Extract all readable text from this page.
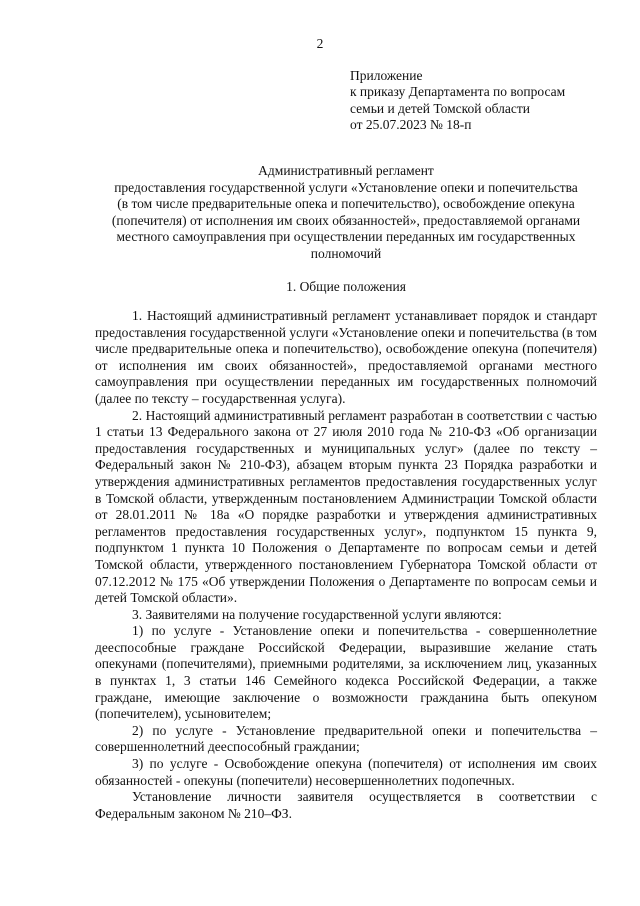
2
Приложение
к приказу Департамента по вопросам
семьи и детей Томской области
от 25.07.2023 № 18-п
Административный регламент
предоставления государственной услуги «Установление опеки и попечительства
(в том числе предварительные опека и попечительство), освобождение опекуна
(попечителя) от исполнения им своих обязанностей», предоставляемой органами
местного самоуправления при осуществлении переданных им государственных
полномочий
1. Общие положения

1. Настоящий административный регламент устанавливает порядок и стандарт предоставления государственной услуги «Установление опеки и попечительства (в том числе предварительные опека и попечительство), освобождение опекуна (попечителя) от исполнения им своих обязанностей», предоставляемой органами местного самоуправления при осуществлении переданных им государственных полномочий (далее по тексту – государственная услуга).

2. Настоящий административный регламент разработан в соответствии с частью 1 статьи 13 Федерального закона от 27 июля 2010 года № 210-ФЗ «Об организации предоставления государственных и муниципальных услуг» (далее по тексту – Федеральный закон № 210-ФЗ), абзацем вторым пункта 23 Порядка разработки и утверждения административных регламентов предоставления государственных услуг в Томской области, утвержденным постановлением Администрации Томской области от 28.01.2011 № 18а «О порядке разработки и утверждения административных регламентов предоставления государственных услуг», подпунктом 15 пункта 9, подпунктом 1 пункта 10 Положения о Департаменте по вопросам семьи и детей Томской области, утвержденного постановлением Губернатора Томской области от 07.12.2012 № 175 «Об утверждении Положения о Департаменте по вопросам семьи и детей Томской области».

3. Заявителями на получение государственной услуги являются:

1) по услуге - Установление опеки и попечительства - совершеннолетние дееспособные граждане Российской Федерации, выразившие желание стать опекунами (попечителями), приемными родителями, за исключением лиц, указанных в пунктах 1, 3 статьи 146 Семейного кодекса Российской Федерации, а также граждане, имеющие заключение о возможности гражданина быть опекуном (попечителем), усыновителем;

2) по услуге - Установление предварительной опеки и попечительства – совершеннолетний дееспособный граждании;

3) по услуге - Освобождение опекуна (попечителя) от исполнения им своих обязанностей - опекуны (попечители) несовершеннолетних подопечных.

Установление личности заявителя осуществляется в соответствии с Федеральным законом № 210–ФЗ.
